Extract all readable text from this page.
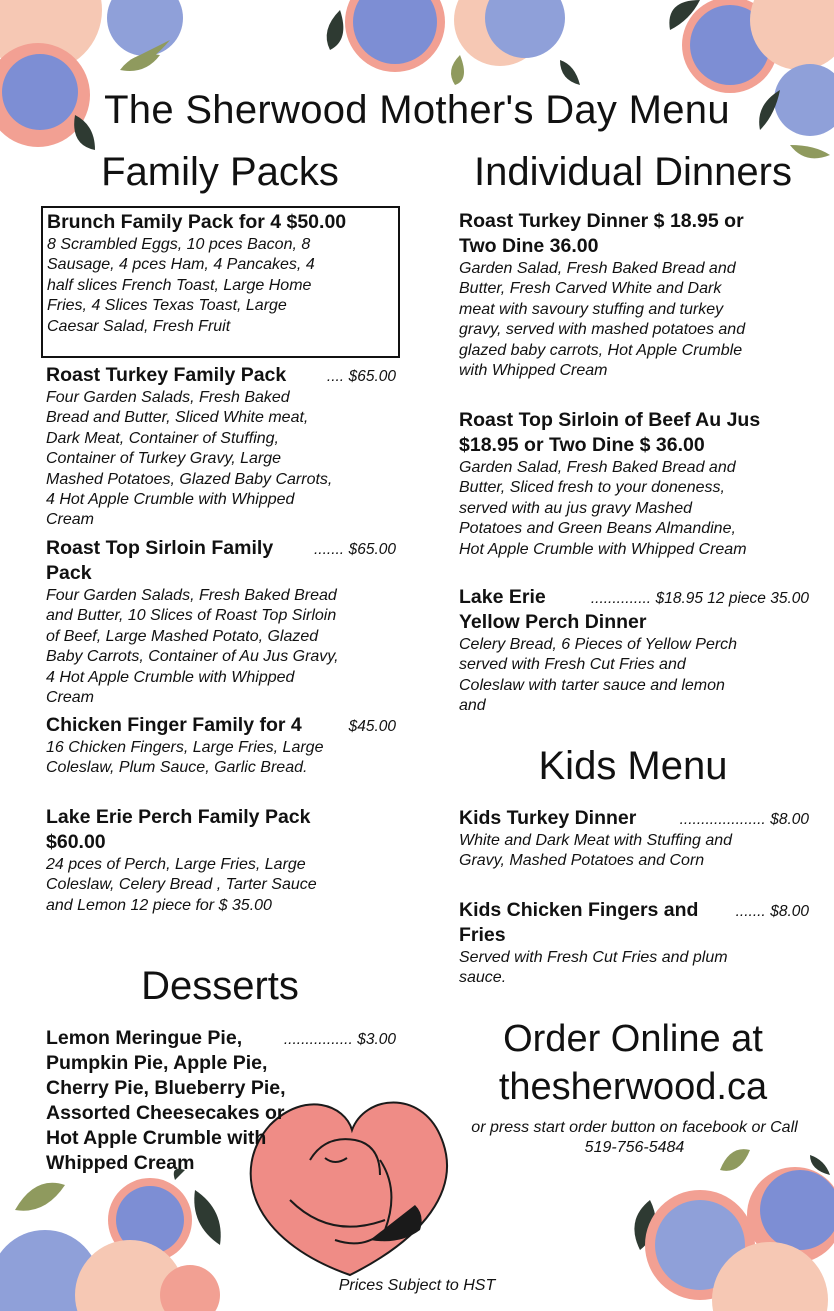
The Sherwood Mother's Day Menu
Family Packs	Individual Dinners
Brunch Family Pack for 4 $50.00
8 Scrambled Eggs, 10 pces Bacon, 8 Sausage, 4 pces Ham, 4 Pancakes, 4 half slices French Toast, Large Home Fries, 4 Slices Texas Toast, Large Caesar Salad, Fresh Fruit
Roast Turkey Family Pack	.... $65.00
Four Garden Salads, Fresh Baked Bread and Butter, Sliced White meat, Dark Meat, Container of Stuffing, Container of Turkey Gravy, Large Mashed Potatoes, Glazed Baby Carrots, 4 Hot Apple Crumble with Whipped Cream
Roast Top Sirloin Family	....... $65.00
Pack
Four Garden Salads, Fresh Baked Bread and Butter, 10 Slices of Roast Top Sirloin of Beef, Large Mashed Potato, Glazed Baby Carrots, Container of Au Jus Gravy, 4 Hot Apple Crumble with Whipped Cream
Chicken Finger Family for 4	$45.00
16 Chicken Fingers, Large Fries, Large Coleslaw, Plum Sauce, Garlic Bread.
Lake Erie Perch Family Pack
$60.00
24 pces of Perch, Large Fries, Large Coleslaw, Celery Bread , Tarter Sauce and Lemon 12 piece for $ 35.00
Desserts
Lemon Meringue Pie,	................ $3.00
Pumpkin Pie, Apple Pie, Cherry Pie, Blueberry Pie, Assorted Cheesecakes or Hot Apple Crumble with Whipped Cream
Roast Turkey Dinner $ 18.95 or Two Dine 36.00
Garden Salad, Fresh Baked Bread and Butter, Fresh Carved White and Dark meat with savoury stuffing and turkey gravy, served with mashed potatoes and glazed baby carrots, Hot Apple Crumble with Whipped Cream
Roast Top Sirloin of Beef Au Jus $18.95 or Two Dine $ 36.00
Garden Salad, Fresh Baked Bread and Butter, Sliced fresh to your doneness, served with au jus gravy Mashed Potatoes and Green Beans Almandine, Hot Apple Crumble with Whipped Cream
Lake Erie	.............. $18.95 12 piece 35.00
Yellow Perch Dinner
Celery Bread, 6 Pieces of Yellow Perch served with Fresh Cut Fries and Coleslaw with tarter sauce and lemon and
Kids Menu
Kids Turkey Dinner	.................... $8.00
White and Dark Meat with Stuffing and Gravy, Mashed Potatoes and Corn
Kids Chicken Fingers and ....... $8.00
Fries
Served with Fresh Cut Fries and plum sauce.
Order Online at
thesherwood.ca
or press start order button on facebook or Call 519-756-5484
Prices Subject to HST
